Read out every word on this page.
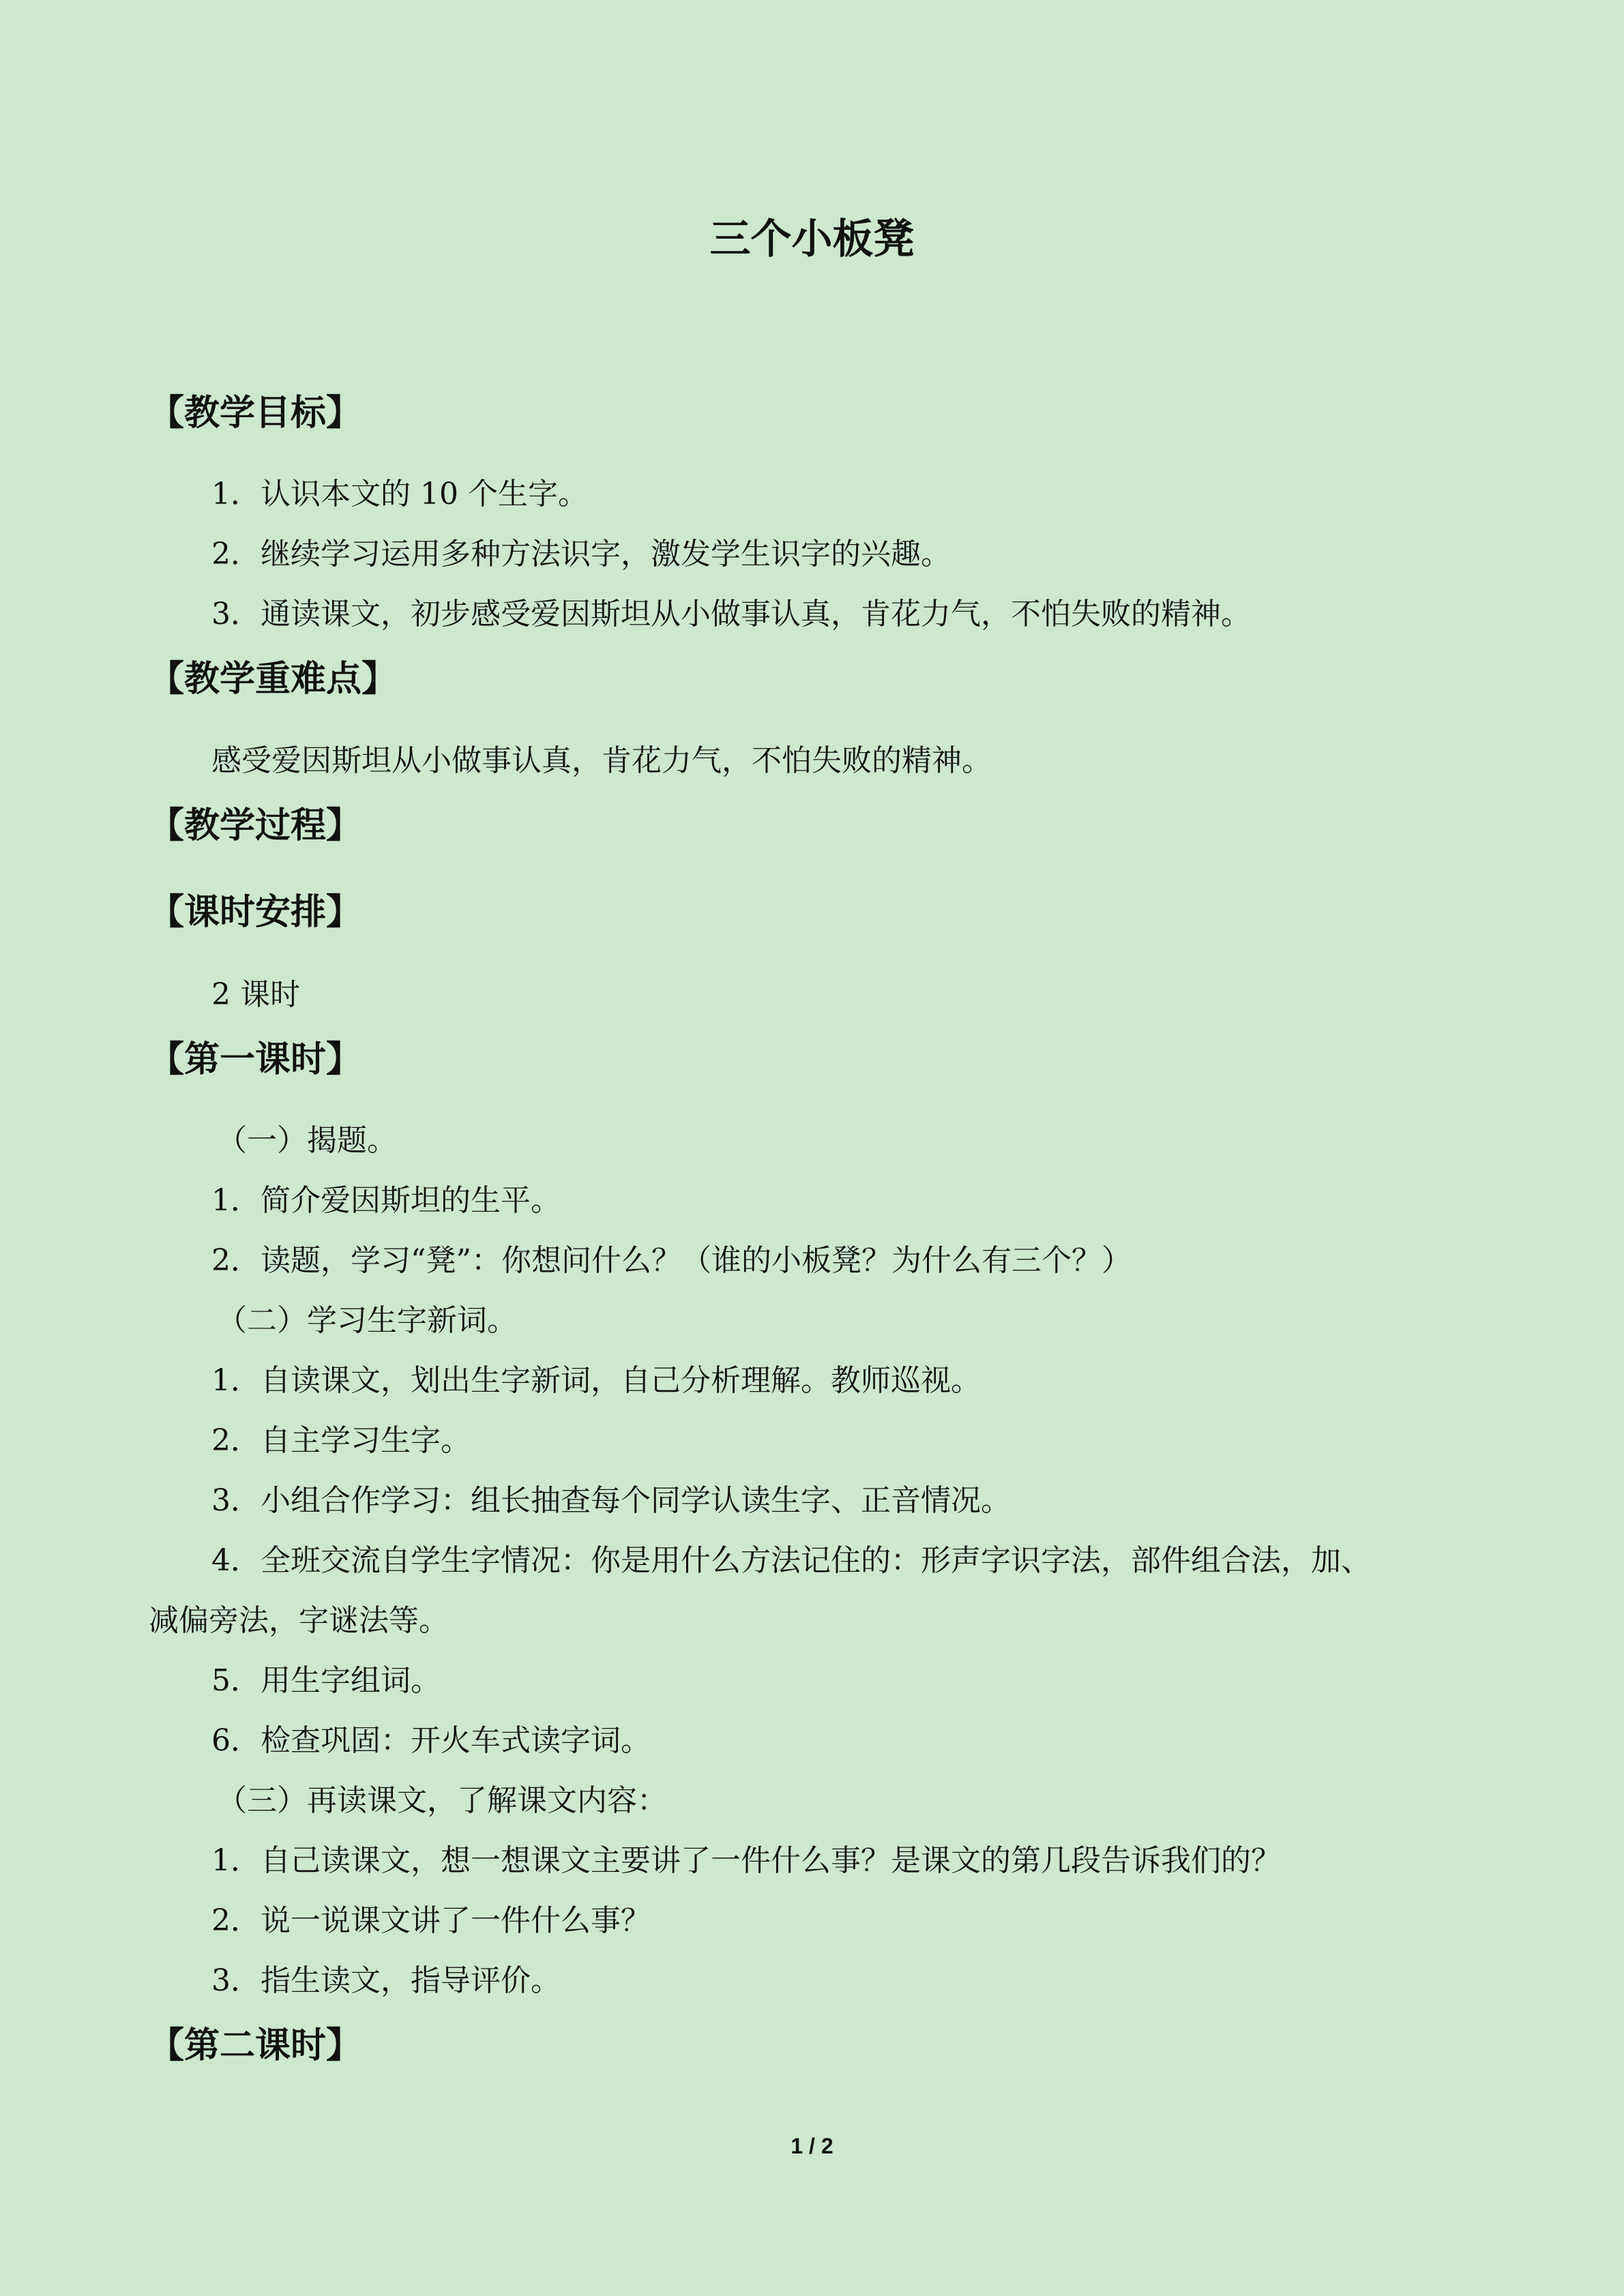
三个小板凳
【教学目标】

1．认识本文的 10 个生字。

2．继续学习运用多种方法识字，激发学生识字的兴趣。

3．通读课文，初步感受爱因斯坦从小做事认真，肯花力气，不怕失败的精神。

【教学重难点】

感受爱因斯坦从小做事认真，肯花力气，不怕失败的精神。

【教学过程】
【课时安排】

2 课时

【第一课时】

（一）揭题。

1．简介爱因斯坦的生平。

2．读题，学习“凳”：你想问什么？（谁的小板凳？为什么有三个？）

（二）学习生字新词。

1．自读课文，划出生字新词，自己分析理解。教师巡视。

2．自主学习生字。

3．小组合作学习：组长抽查每个同学认读生字、正音情况。

4．全班交流自学生字情况：你是用什么方法记住的：形声字识字法，部件组合法，加、

减偏旁法，字谜法等。

5．用生字组词。

6．检查巩固：开火车式读字词。

（三）再读课文，了解课文内容：

1．自己读课文，想一想课文主要讲了一件什么事？是课文的第几段告诉我们的？

2．说一说课文讲了一件什么事？

3．指生读文，指导评价。

【第二课时】
1 / 2
